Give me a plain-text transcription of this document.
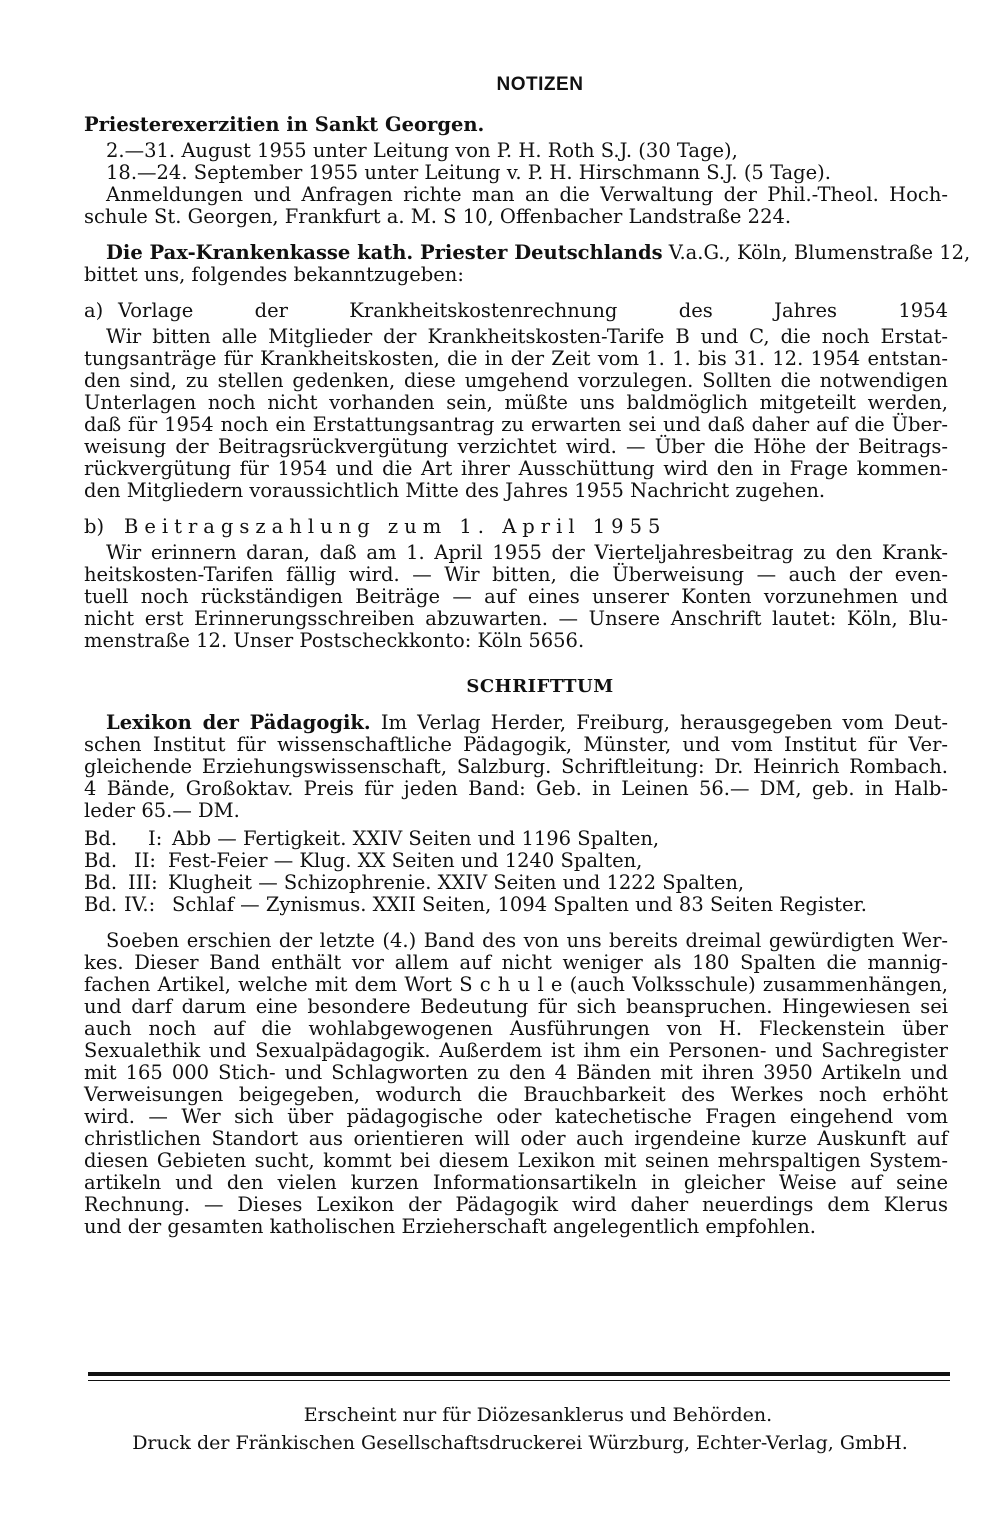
NOTIZEN
Priesterexerzitien in Sankt Georgen.
2.—31. August 1955 unter Leitung von P. H. Roth S.J. (30 Tage),
18.—24. September 1955 unter Leitung v. P. H. Hirschmann S.J. (5 Tage).
Anmeldungen und Anfragen richte man an die Verwaltung der Phil.-Theol. Hoch-
schule St. Georgen, Frankfurt a. M. S 10, Offenbacher Landstraße 224.
Die Pax-Krankenkasse kath. Priester Deutschlands V.a.G., Köln, Blumenstraße 12,
bittet uns, folgendes bekanntzugeben:
a) Vorlage der Krankheitskostenrechnung des Jahres 1954
Wir bitten alle Mitglieder der Krankheitskosten-Tarife B und C, die noch Erstat-
tungsanträge für Krankheitskosten, die in der Zeit vom 1. 1. bis 31. 12. 1954 entstan-
den sind, zu stellen gedenken, diese umgehend vorzulegen. Sollten die notwendigen
Unterlagen noch nicht vorhanden sein, müßte uns baldmöglich mitgeteilt werden,
daß für 1954 noch ein Erstattungsantrag zu erwarten sei und daß daher auf die Über-
weisung der Beitragsrückvergütung verzichtet wird. — Über die Höhe der Beitrags-
rückvergütung für 1954 und die Art ihrer Ausschüttung wird den in Frage kommen-
den Mitgliedern voraussichtlich Mitte des Jahres 1955 Nachricht zugehen.
b) Beitragszahlung zum 1. April 1955
Wir erinnern daran, daß am 1. April 1955 der Vierteljahresbeitrag zu den Krank-
heitskosten-Tarifen fällig wird. — Wir bitten, die Überweisung — auch der even-
tuell noch rückständigen Beiträge — auf eines unserer Konten vorzunehmen und
nicht erst Erinnerungsschreiben abzuwarten. — Unsere Anschrift lautet: Köln, Blu-
menstraße 12. Unser Postscheckkonto: Köln 5656.
SCHRIFTTUM
Lexikon der Pädagogik. Im Verlag Herder, Freiburg, herausgegeben vom Deut-
schen Institut für wissenschaftliche Pädagogik, Münster, und vom Institut für Ver-
gleichende Erziehungswissenschaft, Salzburg. Schriftleitung: Dr. Heinrich Rombach.
4 Bände, Großoktav. Preis für jeden Band: Geb. in Leinen 56.— DM, geb. in Halb-
leder 65.— DM.
Bd. I: Abb — Fertigkeit. XXIV Seiten und 1196 Spalten,
Bd. II: Fest-Feier — Klug. XX Seiten und 1240 Spalten,
Bd. III: Klugheit — Schizophrenie. XXIV Seiten und 1222 Spalten,
Bd. IV.: Schlaf — Zynismus. XXII Seiten, 1094 Spalten und 83 Seiten Register.
Soeben erschien der letzte (4.) Band des von uns bereits dreimal gewürdigten Wer-
kes. Dieser Band enthält vor allem auf nicht weniger als 180 Spalten die mannig-
fachen Artikel, welche mit dem Wort S c h u l e (auch Volksschule) zusammenhängen,
und darf darum eine besondere Bedeutung für sich beanspruchen. Hingewiesen sei
auch noch auf die wohlabgewogenen Ausführungen von H. Fleckenstein über
Sexualethik und Sexualpädagogik. Außerdem ist ihm ein Personen- und Sachregister
mit 165 000 Stich- und Schlagworten zu den 4 Bänden mit ihren 3950 Artikeln und
Verweisungen beigegeben, wodurch die Brauchbarkeit des Werkes noch erhöht
wird. — Wer sich über pädagogische oder katechetische Fragen eingehend vom
christlichen Standort aus orientieren will oder auch irgendeine kurze Auskunft auf
diesen Gebieten sucht, kommt bei diesem Lexikon mit seinen mehrspaltigen System-
artikeln und den vielen kurzen Informationsartikeln in gleicher Weise auf seine
Rechnung. — Dieses Lexikon der Pädagogik wird daher neuerdings dem Klerus
und der gesamten katholischen Erzieherschaft angelegentlich empfohlen.
Erscheint nur für Diözesanklerus und Behörden.
Druck der Fränkischen Gesellschaftsdruckerei Würzburg, Echter-Verlag, GmbH.
